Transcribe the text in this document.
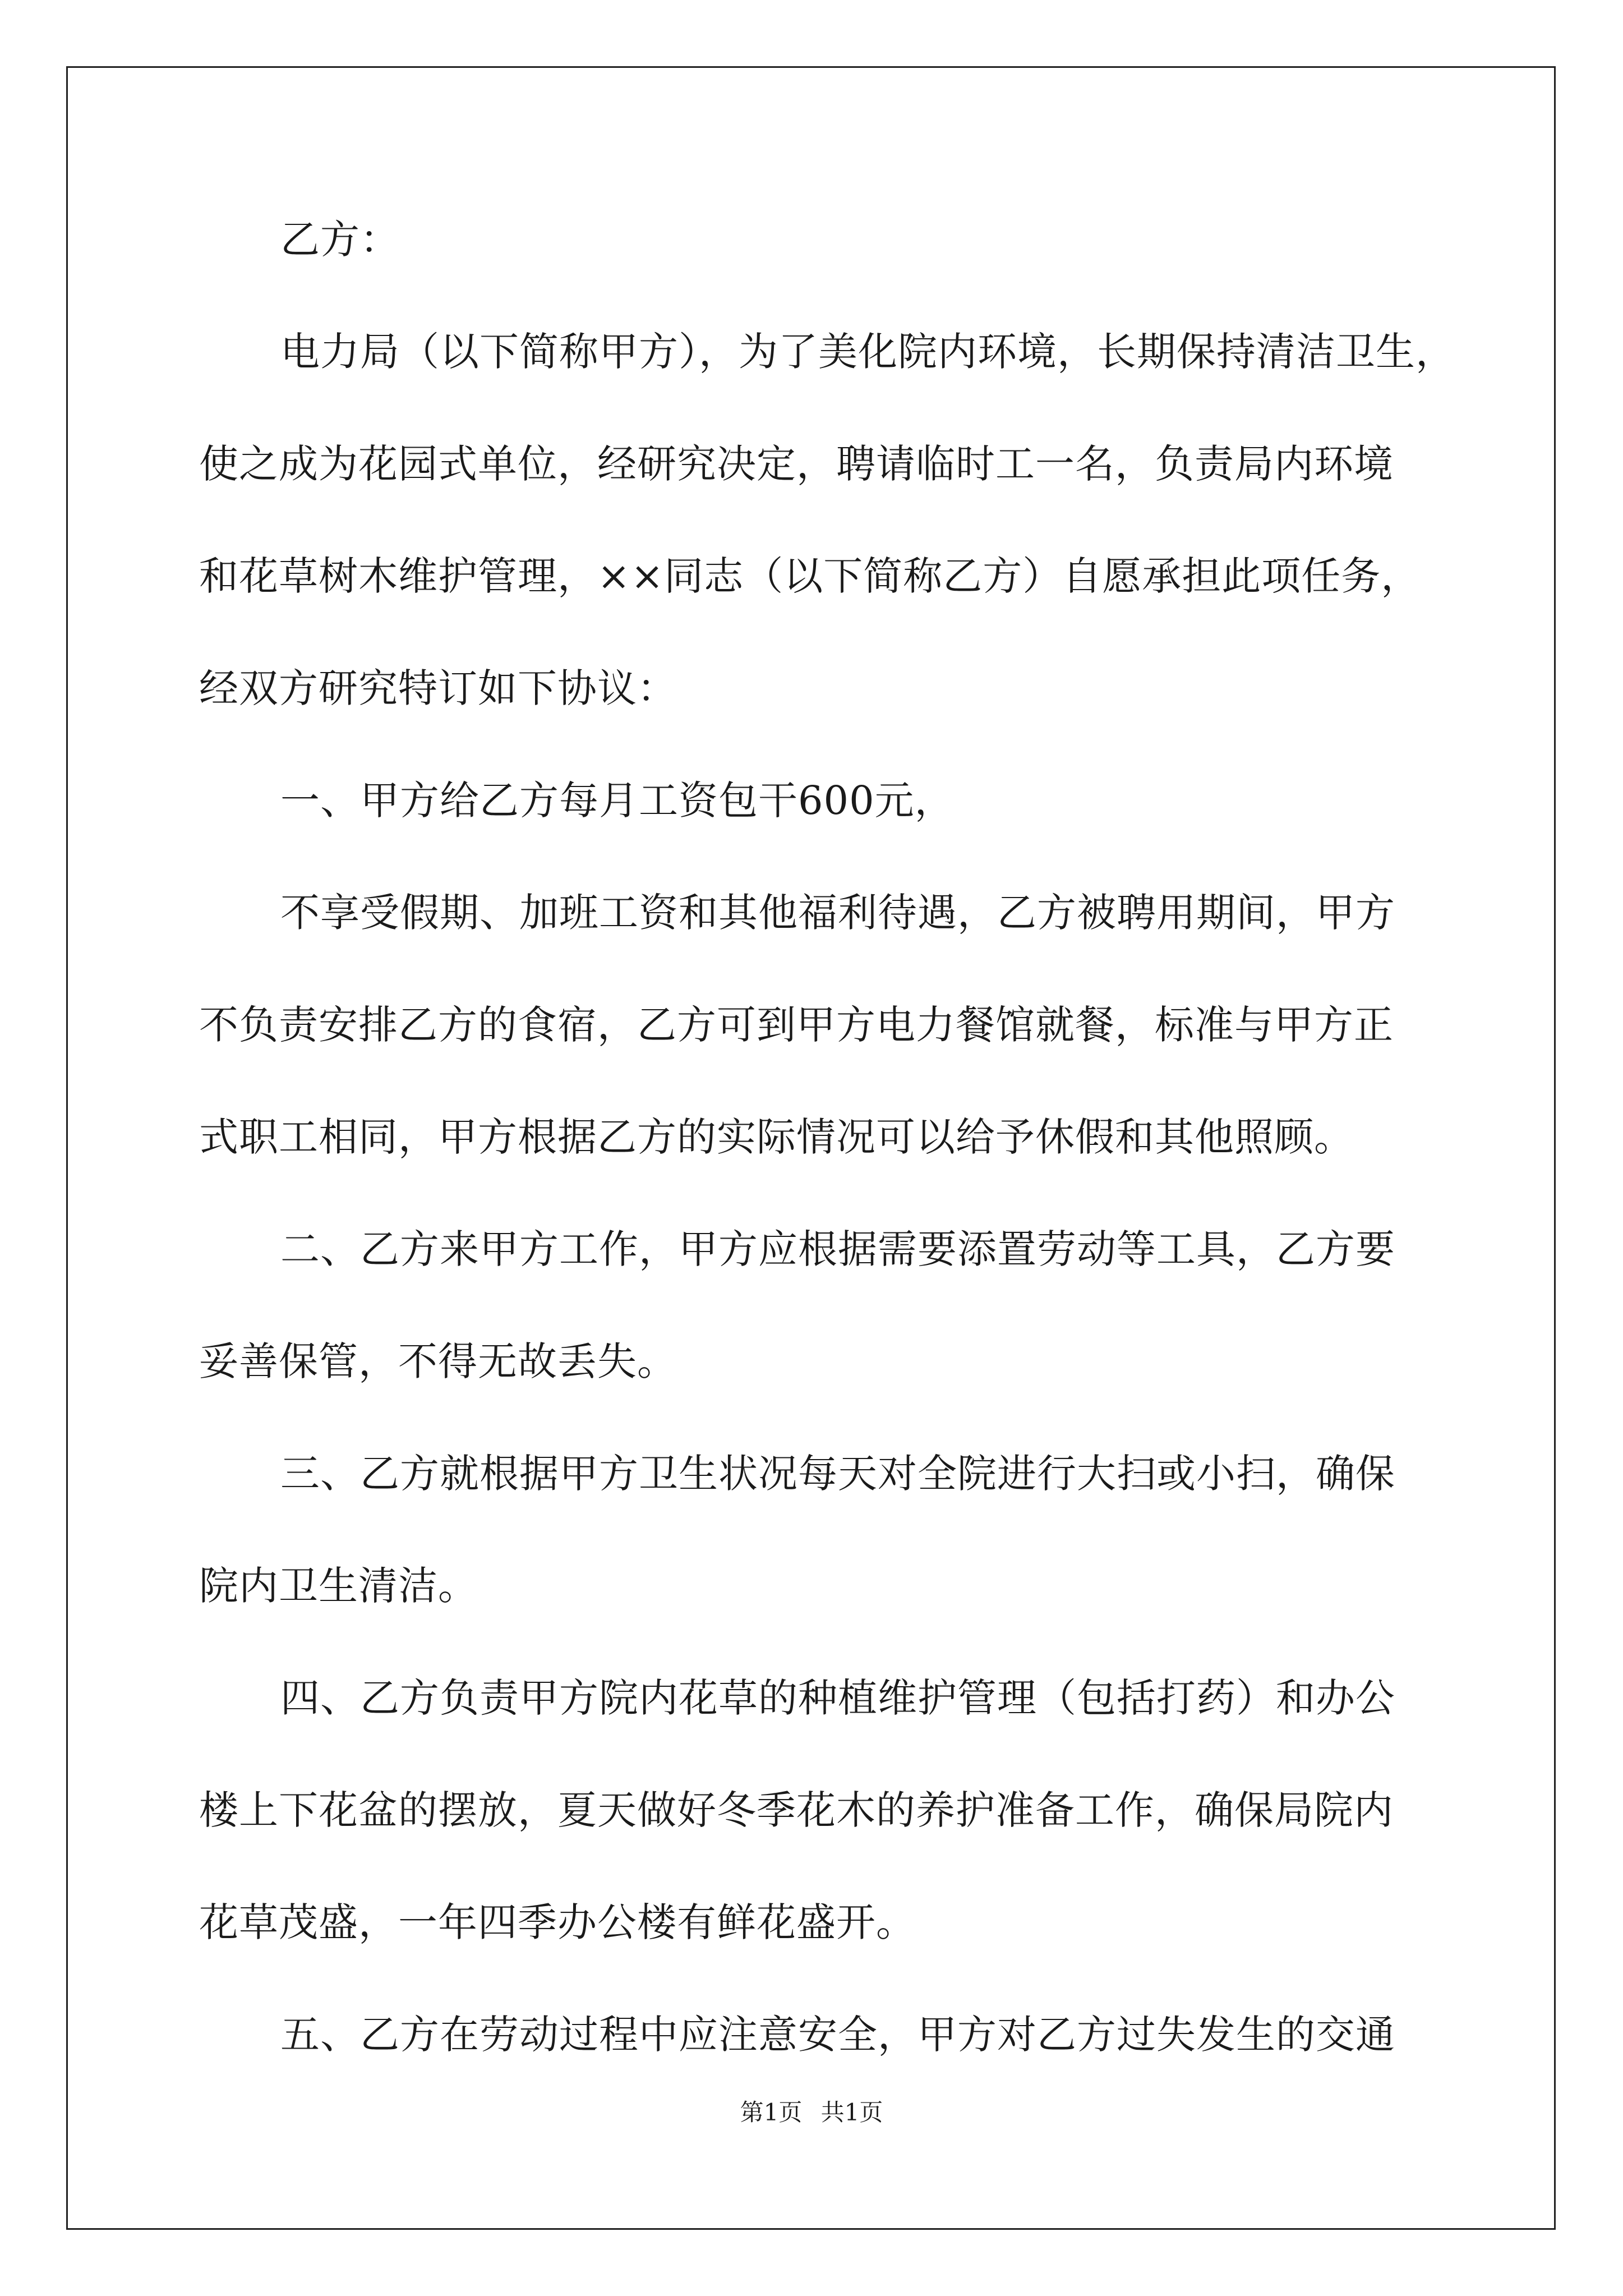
乙方：
电力局（以下简称甲方），为了美化院内环境，长期保持清洁卫生，
使之成为花园式单位，经研究决定，聘请临时工一名，负责局内环境
和花草树木维护管理，××同志（以下简称乙方）自愿承担此项任务，
经双方研究特订如下协议：
一、甲方给乙方每月工资包干600元，
不享受假期、加班工资和其他福利待遇，乙方被聘用期间，甲方
不负责安排乙方的食宿，乙方可到甲方电力餐馆就餐，标准与甲方正
式职工相同，甲方根据乙方的实际情况可以给予休假和其他照顾。
二、乙方来甲方工作，甲方应根据需要添置劳动等工具，乙方要
妥善保管，不得无故丢失。
三、乙方就根据甲方卫生状况每天对全院进行大扫或小扫，确保
院内卫生清洁。
四、乙方负责甲方院内花草的种植维护管理（包括打药）和办公
楼上下花盆的摆放，夏天做好冬季花木的养护准备工作，确保局院内
花草茂盛，一年四季办公楼有鲜花盛开。
五、乙方在劳动过程中应注意安全，甲方对乙方过失发生的交通
第1页 共1页
